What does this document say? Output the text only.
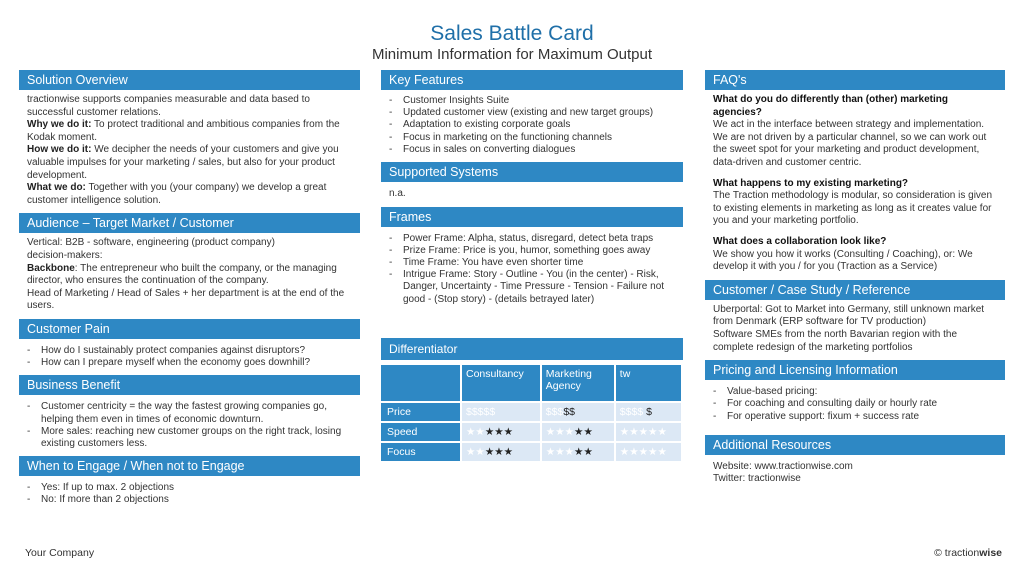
Sales Battle Card
Minimum Information for Maximum Output
Solution Overview
tractionwise supports companies measurable and data based to successful customer relations.
Why we do it: To protect traditional and ambitious companies from the Kodak moment.
How we do it: We decipher the needs of your customers and give you valuable impulses for your marketing / sales, but also for your product development.
What we do: Together with you (your company) we develop a great customer intelligence solution.
Audience – Target Market / Customer
Vertical: B2B - software, engineering (product company)
decision-makers:
Backbone: The entrepreneur who built the company, or the managing director, who ensures the continuation of the company.
Head of Marketing / Head of Sales + her department is at the end of the users.
Customer Pain
- How do I sustainably protect companies against disruptors?
- How can I prepare myself when the economy goes downhill?
Business Benefit
- Customer centricity = the way the fastest growing companies go, helping them even in times of economic downturn.
- More sales: reaching new customer groups on the right track, losing existing customers less.
When to Engage / When not to Engage
- Yes: If up to max. 2 objections
- No: If more than 2 objections
Key Features
- Customer Insights Suite
- Updated customer view (existing and new target groups)
- Adaptation to existing corporate goals
- Focus in marketing on the functioning channels
- Focus in sales on converting dialogues
Supported Systems
n.a.
Frames
- Power Frame: Alpha, status, disregard, detect beta traps
- Prize Frame: Price is you, humor, something goes away
- Time Frame: You have even shorter time
- Intrigue Frame: Story - Outline - You (in the center) - Risk, Danger, Uncertainty - Time Pressure - Tension - Failure not good - (Stop story) - (details betrayed later)
Differentiator
	Consultancy	Marketing Agency	tw
Price	$$$$$	$$$$$	$$$$ $
Speed	★★★★★	★★★★★	★★★★★
Focus	★★★★★	★★★★★	★★★★★
FAQ's
What do you do differently than (other) marketing agencies?
We act in the interface between strategy and implementation. We are not driven by a particular channel, so we can work out the sweet spot for your marketing and product development, data-driven and customer centric.
What happens to my existing marketing?
The Traction methodology is modular, so consideration is given to existing elements in marketing as long as it creates value for you and your marketing portfolio.
What does a collaboration look like?
We show you how it works (Consulting / Coaching), or: We develop it with you / for you (Traction as a Service)
Customer / Case Study / Reference
Uberportal: Got to Market into Germany, still unknown market from Denmark (ERP software for TV production)
Software SMEs from the north Bavarian region with the complete redesign of the marketing portfolios
Pricing and Licensing Information
- Value-based pricing:
- For coaching and consulting daily or hourly rate
- For operative support: fixum + success rate
Additional Resources
Website: www.tractionwise.com
Twitter: tractionwise
Your Company	© tractionwise
